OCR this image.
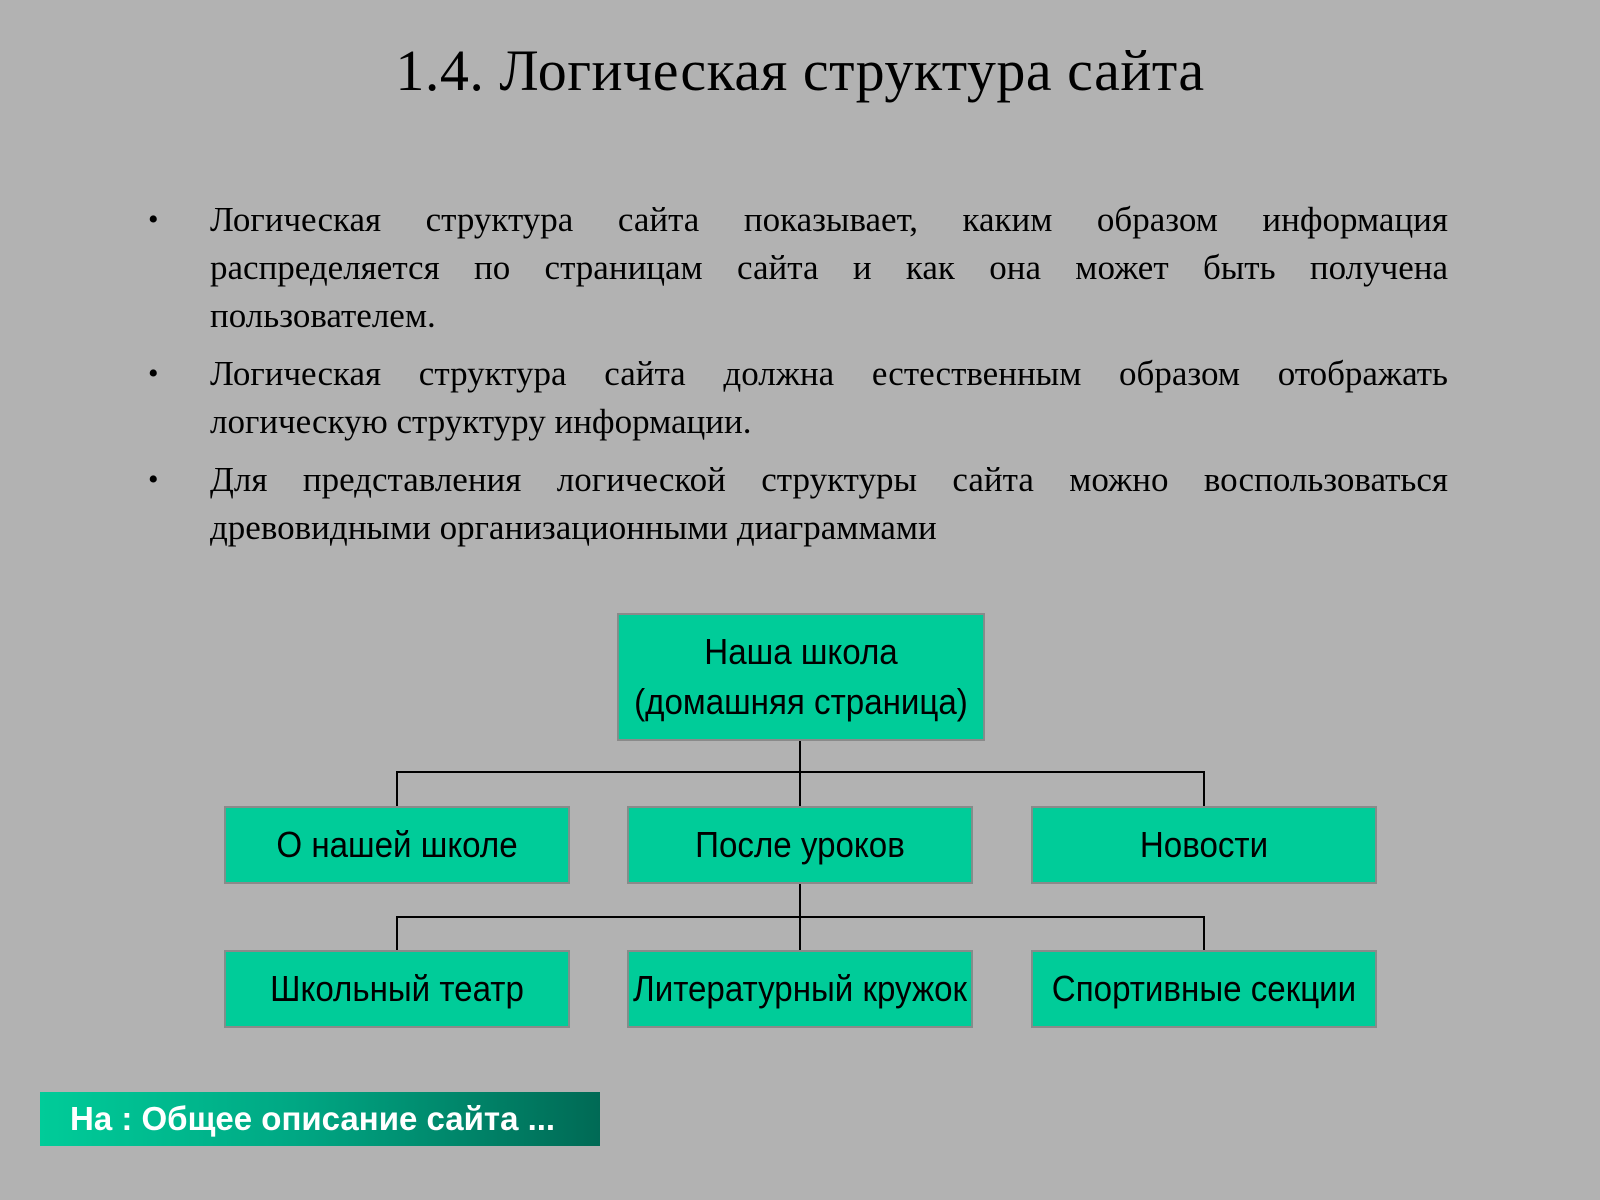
1.4. Логическая структура сайта
• Логическая структура сайта показывает, каким образом информация распределяется по страницам сайта и как она может быть получена пользователем.
• Логическая структура сайта должна естественным образом отображать логическую структуру информации.
• Для представления логической структуры сайта можно воспользоваться древовидными организационными диаграммами
Наша школа
(домашняя страница)
О нашей школе	После уроков	Новости
Школьный театр	Литературный кружок Спортивные секции
На : Общее описание сайта ...
